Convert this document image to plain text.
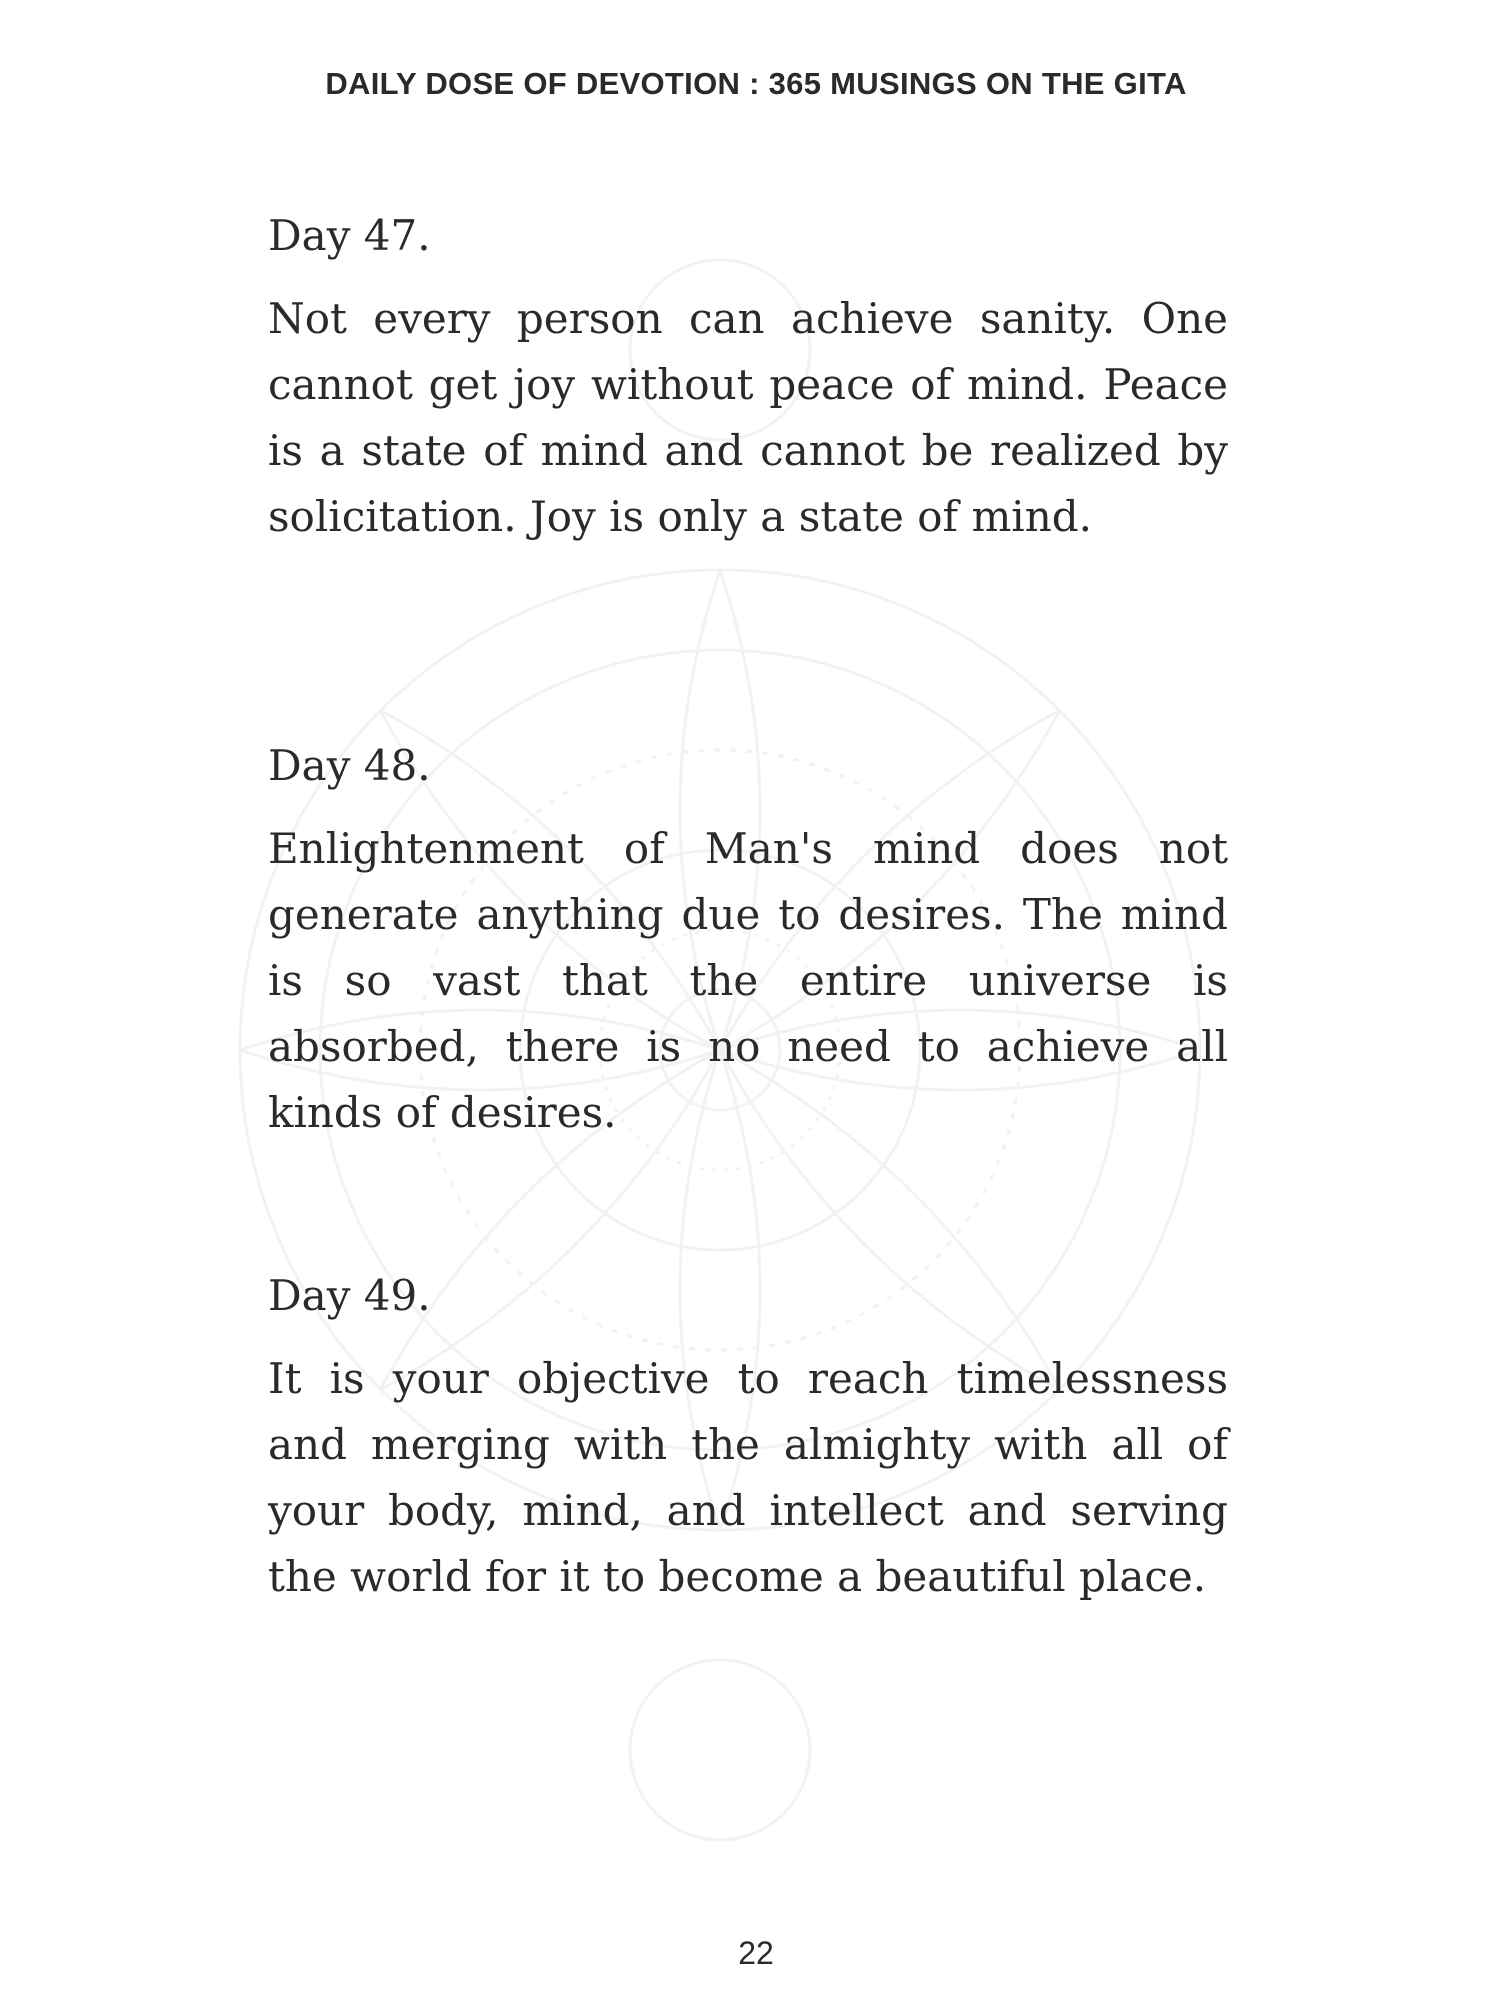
DAILY DOSE OF DEVOTION : 365 MUSINGS ON THE GITA
Day 47.

Not every person can achieve sanity. One cannot get joy without peace of mind. Peace is a state of mind and cannot be realized by solicitation. Joy is only a state of mind.

Day 48.

Enlightenment of Man's mind does not generate anything due to desires. The mind is so vast that the entire universe is absorbed, there is no need to achieve all kinds of desires.

Day 49.

It is your objective to reach timelessness and merging with the almighty with all of your body, mind, and intellect and serving the world for it to become a beautiful place.

22
